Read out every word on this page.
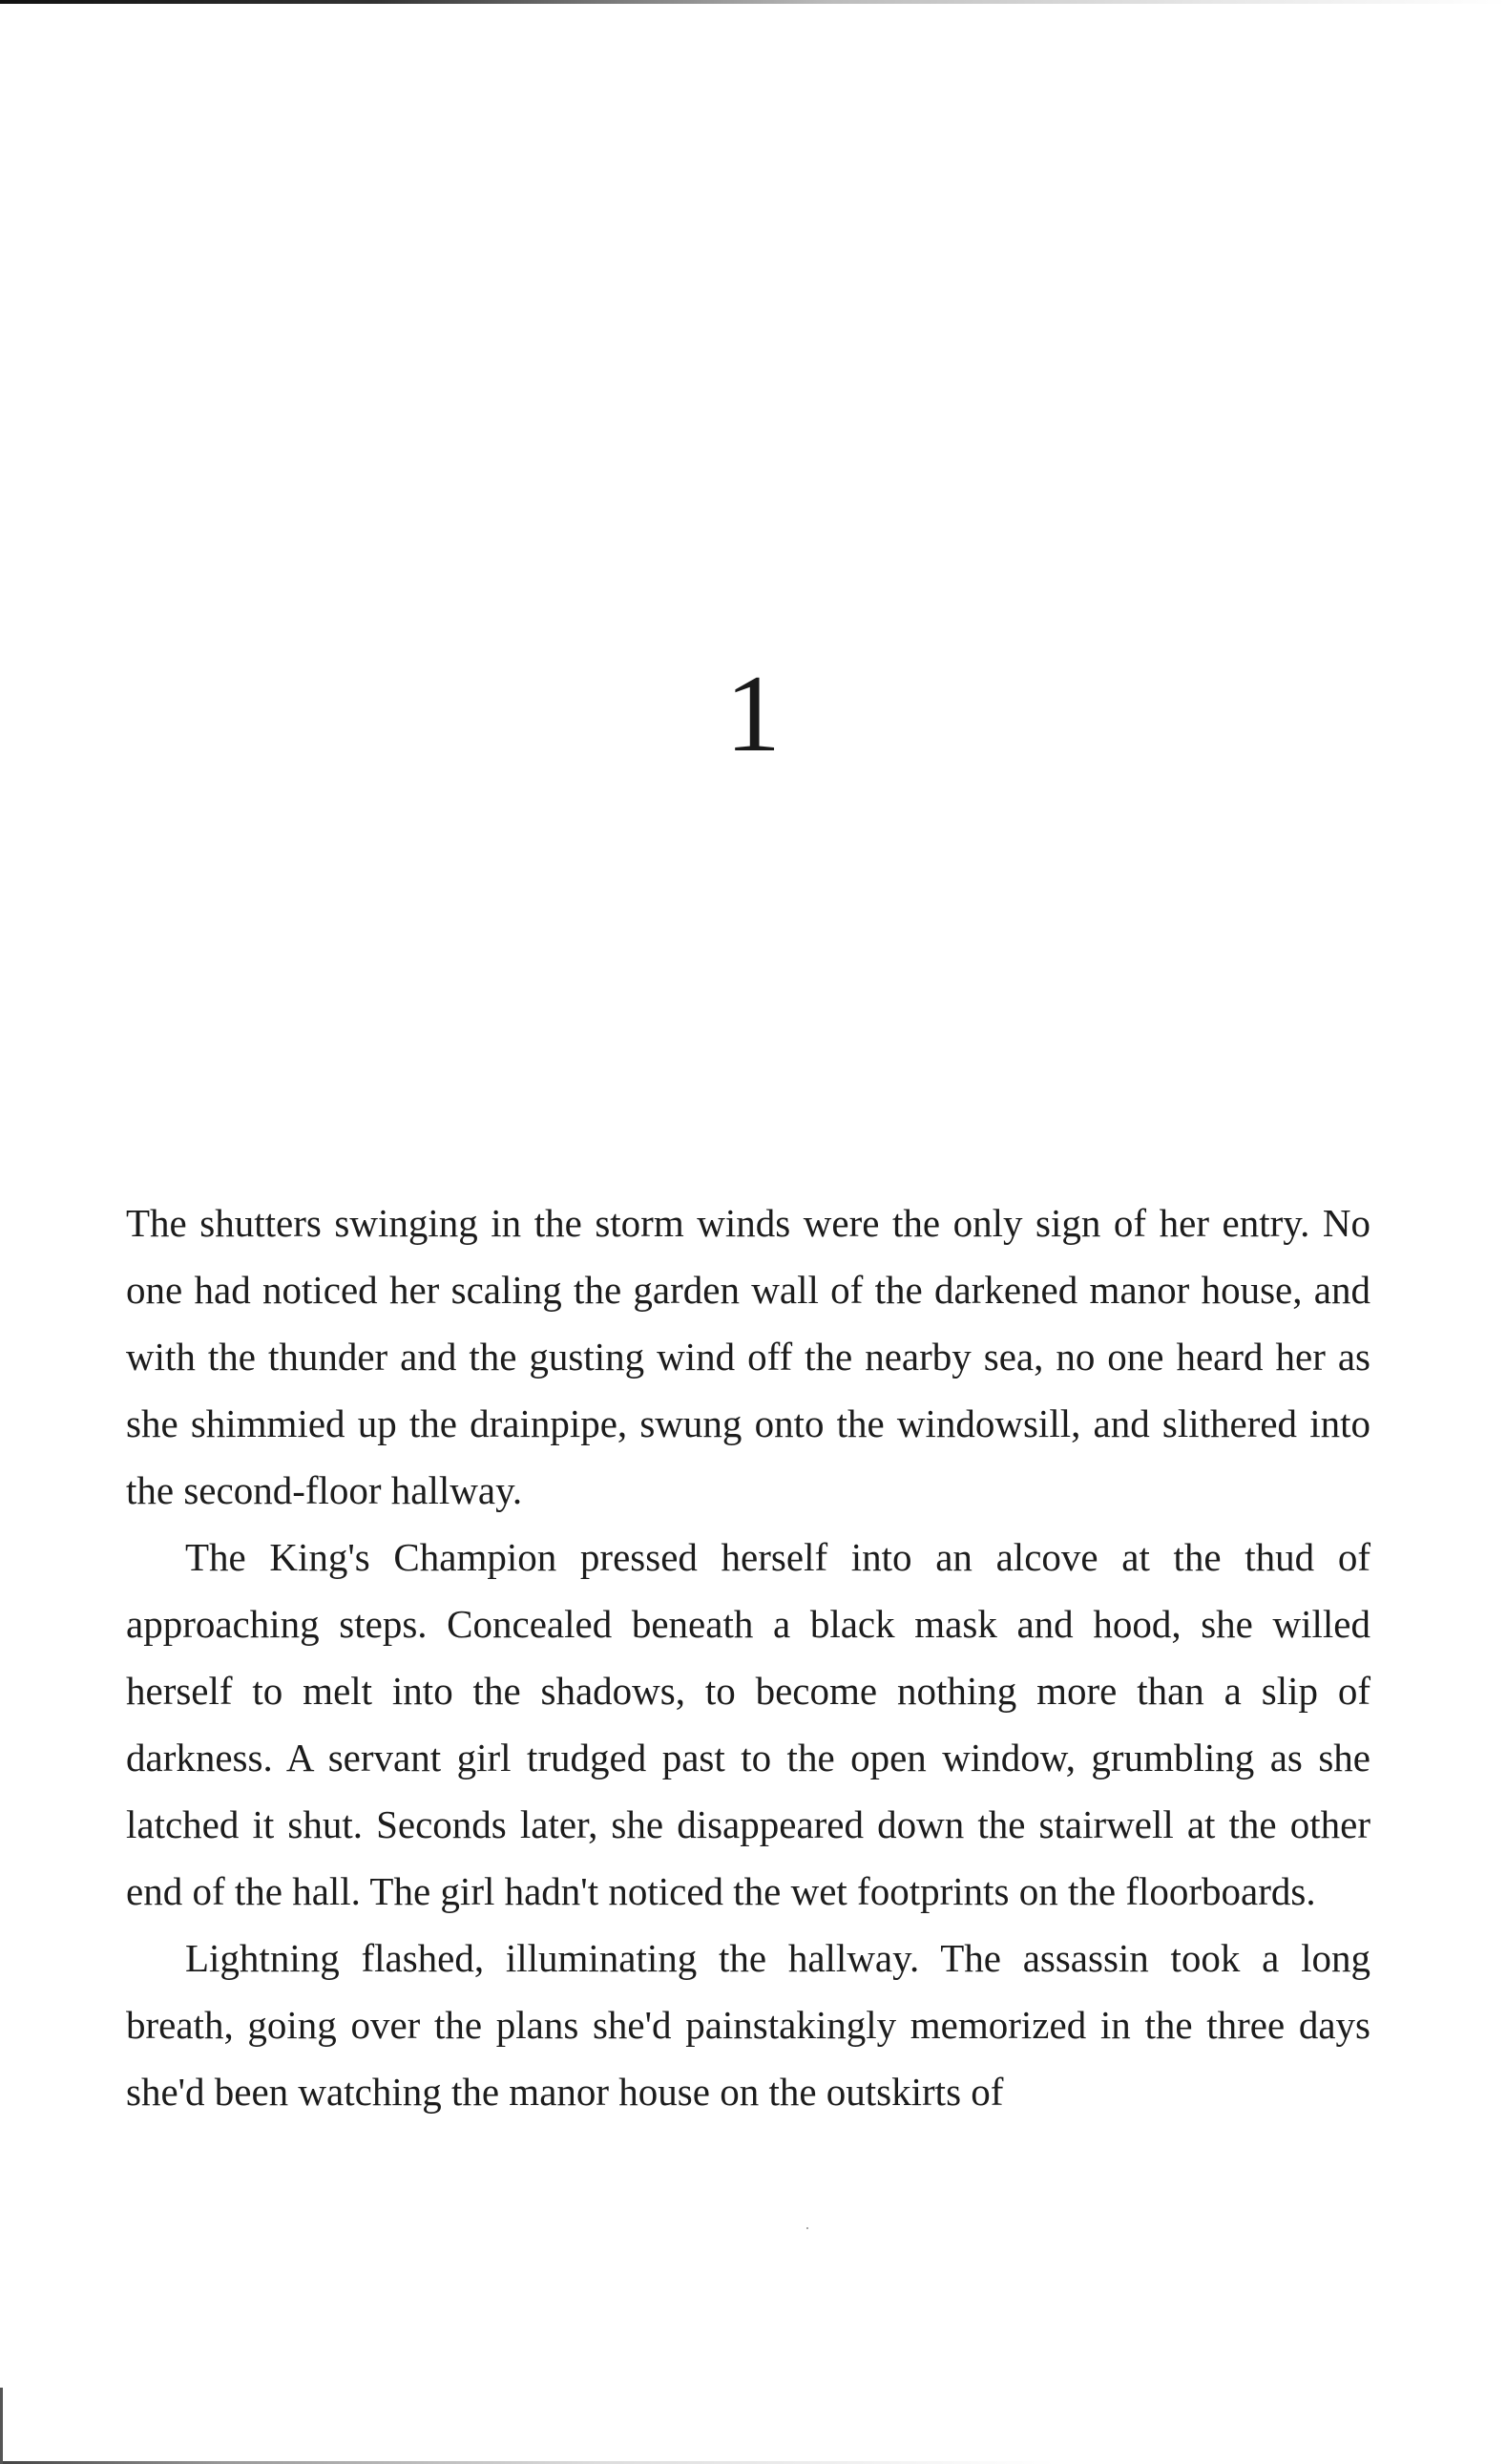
1

The shutters swinging in the storm winds were the only sign of her entry. No one had noticed her scaling the garden wall of the darkened manor house, and with the thunder and the gusting wind off the nearby sea, no one heard her as she shimmied up the drainpipe, swung onto the windowsill, and slithered into the second-floor hallway.

The King's Champion pressed herself into an alcove at the thud of approaching steps. Concealed beneath a black mask and hood, she willed herself to melt into the shadows, to become nothing more than a slip of darkness. A servant girl trudged past to the open window, grumbling as she latched it shut. Seconds later, she disappeared down the stairwell at the other end of the hall. The girl hadn't noticed the wet footprints on the floorboards.

Lightning flashed, illuminating the hallway. The assassin took a long breath, going over the plans she'd painstakingly memorized in the three days she'd been watching the manor house on the outskirts of
